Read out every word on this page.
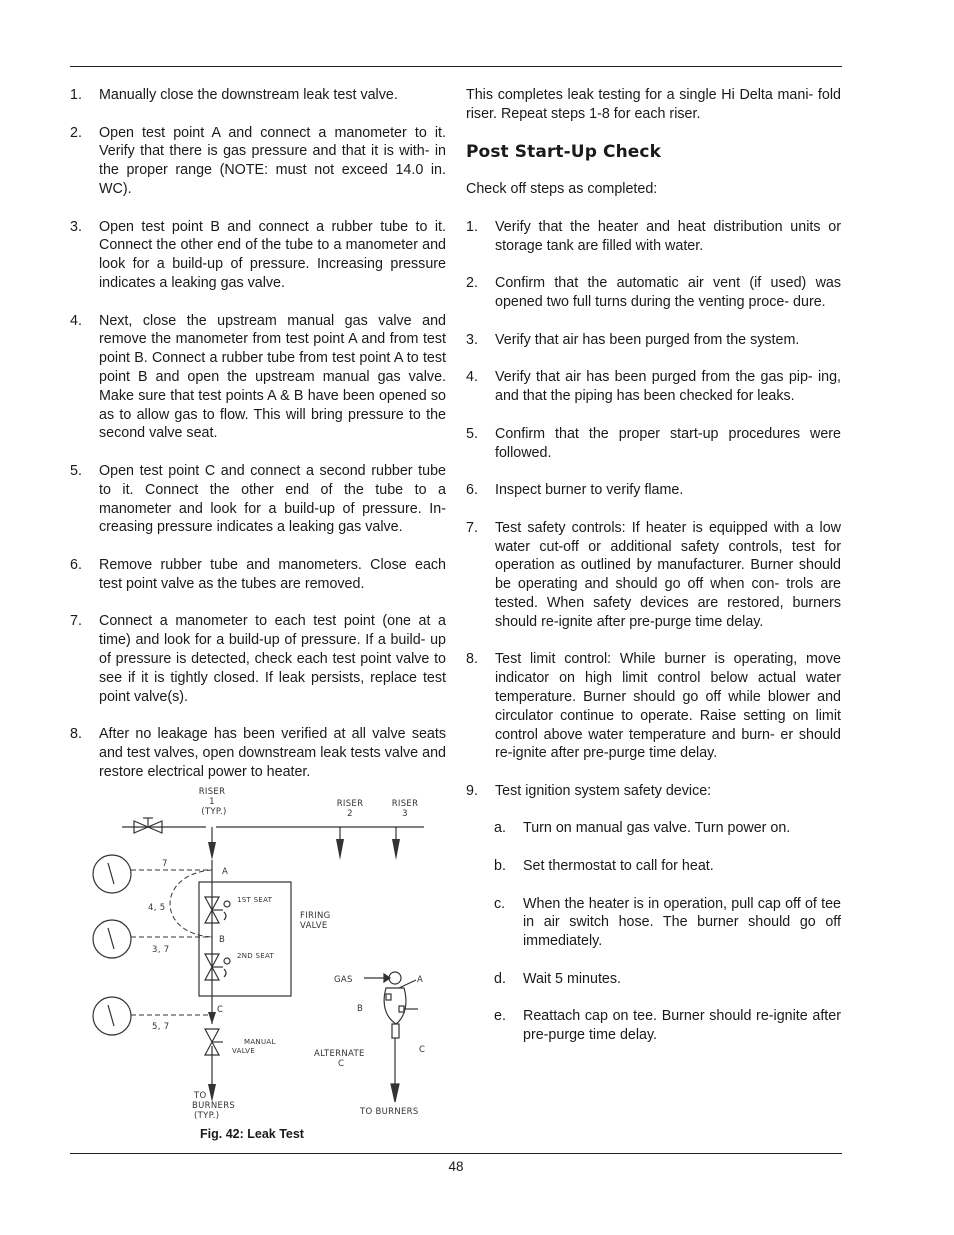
1.	Manually close the downstream leak test valve.
2.	Open test point A and connect a manometer to it. Verify that there is gas pressure and that it is with- in the proper range (NOTE: must not exceed 14.0 in. WC).
3.	Open test point B and connect a rubber tube to it. Connect the other end of the tube to a manometer and look for a build-up of pressure. Increasing pressure indicates a leaking gas valve.
4.	Next, close the upstream manual gas valve and remove the manometer from test point A and from test point B. Connect a rubber tube from test point A to test point B and open the upstream manual gas valve. Make sure that test points A & B have been opened so as to allow gas to flow. This will bring pressure to the second valve seat.
5.	Open test point C and connect a second rubber tube to it. Connect the other end of the tube to a manometer and look for a build-up of pressure. In- creasing pressure indicates a leaking gas valve.
6.	Remove rubber tube and manometers. Close each test point valve as the tubes are removed.
7.	Connect a manometer to each test point (one at a time) and look for a build-up of pressure. If a build- up of pressure is detected, check each test point valve to see if it is tightly closed. If leak persists, replace test point valve(s).
8.	After no leakage has been verified at all valve seats and test valves, open downstream leak tests valve and restore electrical power to heater.

This completes leak testing for a single Hi Delta mani- fold riser. Repeat steps 1-8 for each riser.

Post Start-Up Check

Check off steps as completed:

1.	Verify that the heater and heat distribution units or storage tank are filled with water.
2.	Confirm that the automatic air vent (if used) was opened two full turns during the venting proce- dure.
3.	Verify that air has been purged from the system.
4.	Verify that air has been purged from the gas pip- ing, and that the piping has been checked for leaks.
5.	Confirm that the proper start-up procedures were followed.
6.	Inspect burner to verify flame.
7.	Test safety controls: If heater is equipped with a low water cut-off or additional safety controls, test for operation as outlined by manufacturer. Burner should be operating and should go off when con- trols are tested. When safety devices are restored, burners should re-ignite after pre-purge time delay.
8.	Test limit control: While burner is operating, move indicator on high limit control below actual water temperature. Burner should go off while blower and circulator continue to operate. Raise setting on limit control above water temperature and burn- er should re-ignite after pre-purge time delay.
9.	Test ignition system safety device:
a.	Turn on manual gas valve. Turn power on.
b.	Set thermostat to call for heat.
c.	When the heater is in operation, pull cap off of tee in air switch hose. The burner should go off immediately.
d.	Wait 5 minutes.
e.	Reattach cap on tee. Burner should re-ignite after pre-purge time delay.
RISER
1
(TYP.)
RISER
2
RISER
3
A
B
C
1ST SEAT
2ND SEAT
FIRING
VALVE
MANUAL
VALVE
7
4, 5
3, 7
5, 7
TO
BURNERS
(TYP.)
GAS	A
B
C
ALTERNATE
C
TO BURNERS
Fig. 42: Leak Test
48
